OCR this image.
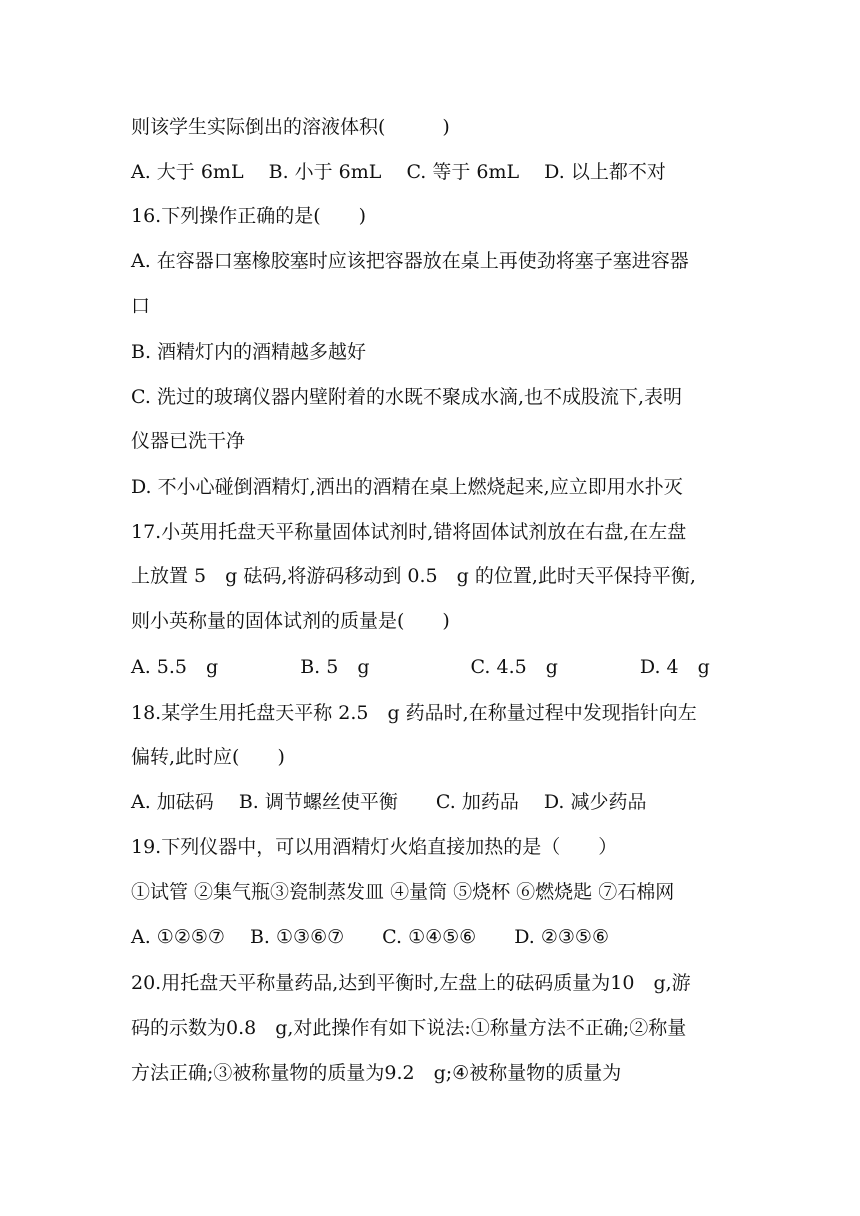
则该学生实际倒出的溶液体积(　　　)
A. 大于 6mL　 B. 小于 6mL　 C. 等于 6mL　 D. 以上都不对
16.下列操作正确的是(　　)
A. 在容器口塞橡胶塞时应该把容器放在桌上再使劲将塞子塞进容器
口
B. 酒精灯内的酒精越多越好
C. 洗过的玻璃仪器内壁附着的水既不聚成水滴,也不成股流下,表明
仪器已洗干净
D. 不小心碰倒酒精灯,洒出的酒精在桌上燃烧起来,应立即用水扑灭
17.小英用托盘天平称量固体试剂时,错将固体试剂放在右盘,在左盘
上放置 5　g 砝码,将游码移动到 0.5　g 的位置,此时天平保持平衡,
则小英称量的固体试剂的质量是(　　)
A. 5.5　g　　　　 B. 5　g　　　　　 C. 4.5　g　　　　 D. 4　g
18.某学生用托盘天平称 2.5　g 药品时,在称量过程中发现指针向左
偏转,此时应(　　)
A. 加砝码　 B. 调节螺丝使平衡　　C. 加药品　 D. 减少药品
19.下列仪器中，可以用酒精灯火焰直接加热的是（　　）
①试管 ②集气瓶③瓷制蒸发皿 ④量筒 ⑤烧杯 ⑥燃烧匙 ⑦石棉网
A. ①②⑤⑦　 B. ①③⑥⑦　　C. ①④⑤⑥　　D. ②③⑤⑥
20.用托盘天平称量药品,达到平衡时,左盘上的砝码质量为10　g,游
码的示数为0.8　g,对此操作有如下说法:①称量方法不正确;②称量
方法正确;③被称量物的质量为9.2　g;④被称量物的质量为
